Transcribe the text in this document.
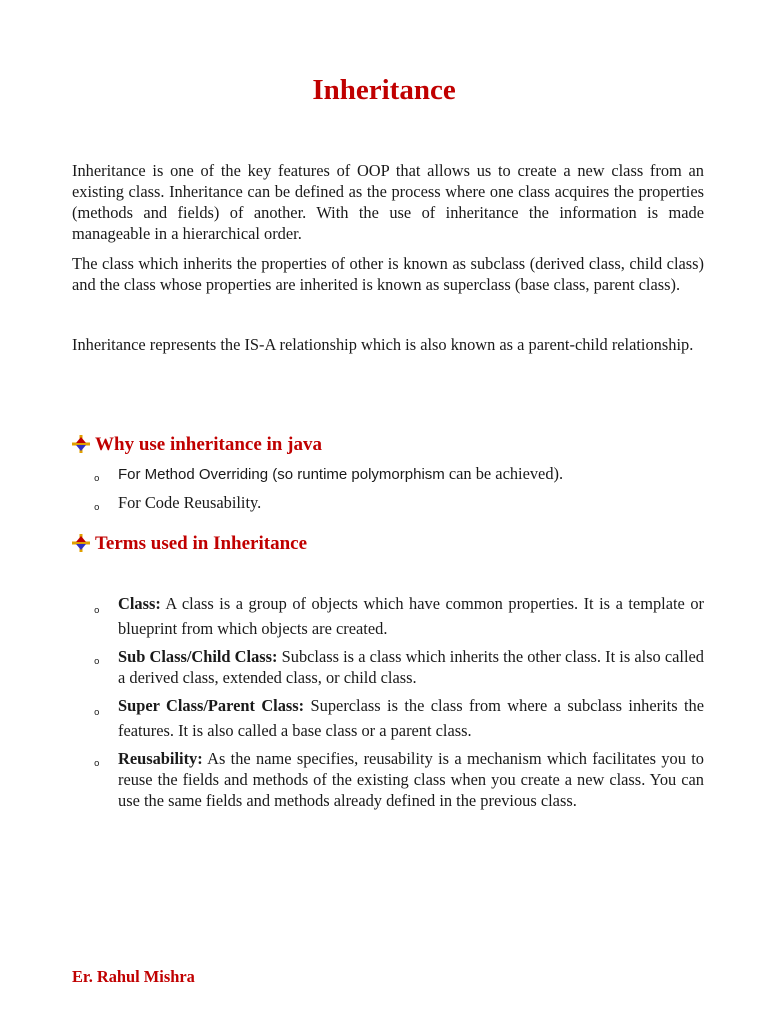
Inheritance

Inheritance is one of the key features of OOP that allows us to create a new class from an existing class. Inheritance can be defined as the process where one class acquires the properties (methods and fields) of another. With the use of inheritance the information is made manageable in a hierarchical order.

The class which inherits the properties of other is known as subclass (derived class, child class) and the class whose properties are inherited is known as superclass (base class, parent class).

Inheritance represents the IS-A relationship which is also known as a parent-child relationship.

Why use inheritance in java
o For Method Overriding (so runtime polymorphism can be achieved).
o For Code Reusability.
Terms used in Inheritance
o Class: A class is a group of objects which have common properties. It is a template or blueprint from which objects are created.
o Sub Class/Child Class: Subclass is a class which inherits the other class. It is also called a derived class, extended class, or child class.
o Super Class/Parent Class: Superclass is the class from where a subclass inherits the features. It is also called a base class or a parent class.
o Reusability: As the name specifies, reusability is a mechanism which facilitates you to reuse the fields and methods of the existing class when you create a new class. You can use the same fields and methods already defined in the previous class.

Er. Rahul Mishra
